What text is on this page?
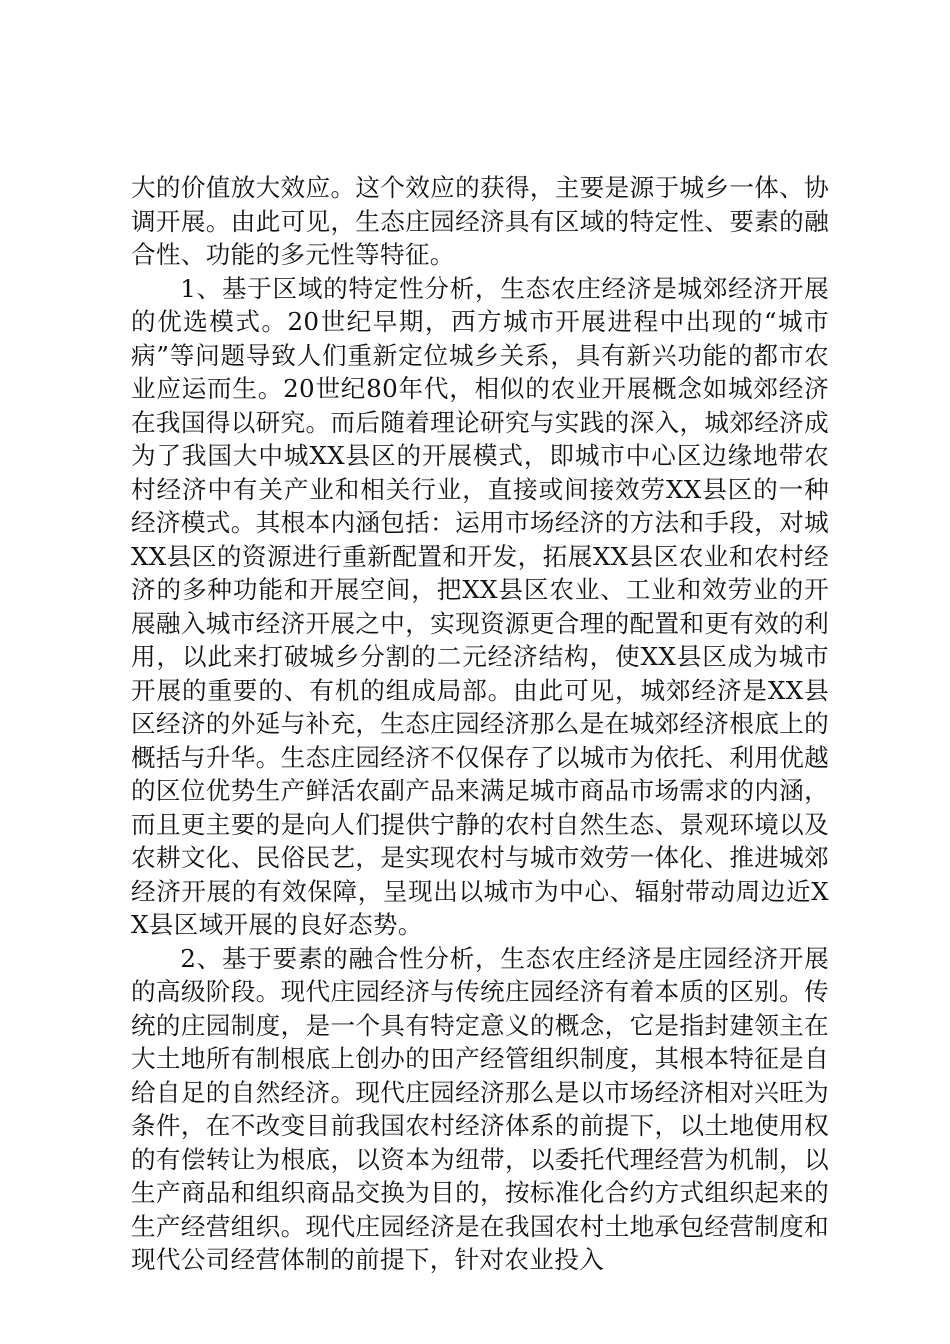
大的价值放大效应。这个效应的获得，主要是源于城乡一体、协调开展。由此可见，生态庄园经济具有区域的特定性、要素的融合性、功能的多元性等特征。

1、基于区域的特定性分析，生态农庄经济是城郊经济开展的优选模式。20世纪早期，西方城市开展进程中出现的“城市病”等问题导致人们重新定位城乡关系，具有新兴功能的都市农业应运而生。20世纪80年代，相似的农业开展概念如城郊经济在我国得以研究。而后随着理论研究与实践的深入，城郊经济成为了我国大中城XX县区的开展模式，即城市中心区边缘地带农村经济中有关产业和相关行业，直接或间接效劳XX县区的一种经济模式。其根本内涵包括：运用市场经济的方法和手段，对城XX县区的资源进行重新配置和开发，拓展XX县区农业和农村经济的多种功能和开展空间，把XX县区农业、工业和效劳业的开展融入城市经济开展之中，实现资源更合理的配置和更有效的利用，以此来打破城乡分割的二元经济结构，使XX县区成为城市开展的重要的、有机的组成局部。由此可见，城郊经济是XX县区经济的外延与补充，生态庄园经济那么是在城郊经济根底上的概括与升华。生态庄园经济不仅保存了以城市为依托、利用优越的区位优势生产鲜活农副产品来满足城市商品市场需求的内涵，而且更主要的是向人们提供宁静的农村自然生态、景观环境以及农耕文化、民俗民艺，是实现农村与城市效劳一体化、推进城郊经济开展的有效保障，呈现出以城市为中心、辐射带动周边近XX县区域开展的良好态势。

2、基于要素的融合性分析，生态农庄经济是庄园经济开展的高级阶段。现代庄园经济与传统庄园经济有着本质的区别。传统的庄园制度，是一个具有特定意义的概念，它是指封建领主在大土地所有制根底上创办的田产经管组织制度，其根本特征是自给自足的自然经济。现代庄园经济那么是以市场经济相对兴旺为条件，在不改变目前我国农村经济体系的前提下，以土地使用权的有偿转让为根底，以资本为纽带，以委托代理经营为机制，以生产商品和组织商品交换为目的，按标准化合约方式组织起来的生产经营组织。现代庄园经济是在我国农村土地承包经营制度和现代公司经营体制的前提下，针对农业投入
